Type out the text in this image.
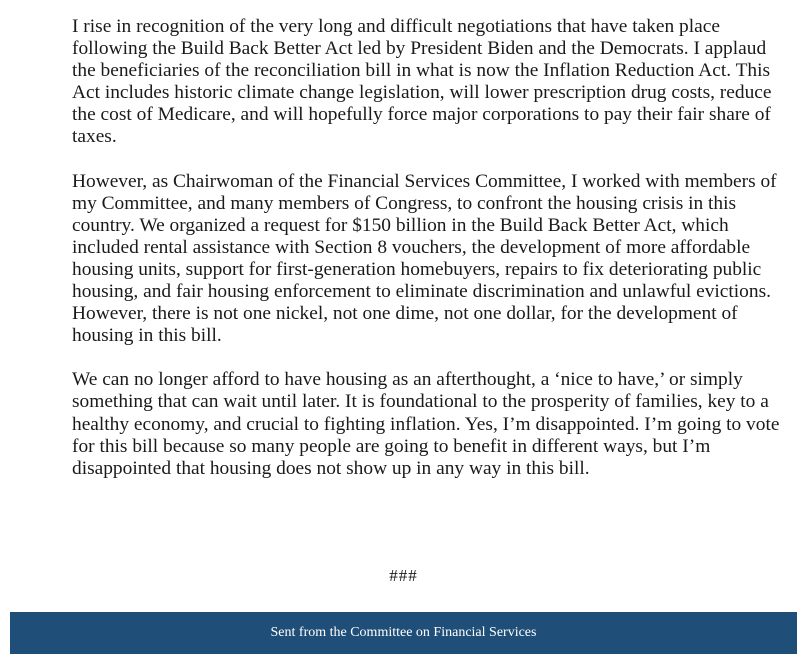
I rise in recognition of the very long and difficult negotiations that have taken place following the Build Back Better Act led by President Biden and the Democrats. I applaud the beneficiaries of the reconciliation bill in what is now the Inflation Reduction Act. This Act includes historic climate change legislation, will lower prescription drug costs, reduce the cost of Medicare, and will hopefully force major corporations to pay their fair share of taxes.

However, as Chairwoman of the Financial Services Committee, I worked with members of my Committee, and many members of Congress, to confront the housing crisis in this country. We organized a request for $150 billion in the Build Back Better Act, which included rental assistance with Section 8 vouchers, the development of more affordable housing units, support for first-generation homebuyers, repairs to fix deteriorating public housing, and fair housing enforcement to eliminate discrimination and unlawful evictions. However, there is not one nickel, not one dime, not one dollar, for the development of housing in this bill.

We can no longer afford to have housing as an afterthought, a ‘nice to have,’ or simply something that can wait until later. It is foundational to the prosperity of families, key to a healthy economy, and crucial to fighting inflation. Yes, I’m disappointed. I’m going to vote for this bill because so many people are going to benefit in different ways, but I’m disappointed that housing does not show up in any way in this bill.

###
Sent from the Committee on Financial Services
